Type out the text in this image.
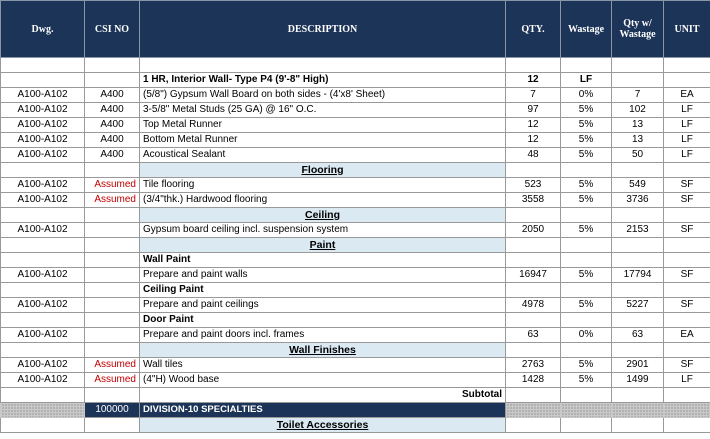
Dwg.	CSI NO	DESCRIPTION	QTY.	Wastage	Qty w/ Wastage	UNIT

		1 HR, Interior Wall- Type P4 (9'-8" High)	12	LF		
A100-A102	A400	(5/8") Gypsum Wall Board on both sides - (4'x8' Sheet)	7	0%	7	EA
A100-A102	A400	3-5/8" Metal Studs (25 GA) @ 16" O.C.	97	5%	102	LF
A100-A102	A400	Top Metal Runner	12	5%	13	LF
A100-A102	A400	Bottom Metal Runner	12	5%	13	LF
A100-A102	A400	Acoustical Sealant	48	5%	50	LF
		Flooring				
A100-A102	Assumed	Tile flooring	523	5%	549	SF
A100-A102	Assumed	(3/4"thk.) Hardwood flooring	3558	5%	3736	SF
		Ceiling				
A100-A102		Gypsum board ceiling incl. suspension system	2050	5%	2153	SF
		Paint				
		Wall Paint				
A100-A102		Prepare and paint walls	16947	5%	17794	SF
		Ceiling Paint				
A100-A102		Prepare and paint ceilings	4978	5%	5227	SF
		Door Paint				
A100-A102		Prepare and paint doors incl. frames	63	0%	63	EA
		Wall Finishes				
A100-A102	Assumed	Wall tiles	2763	5%	2901	SF
A100-A102	Assumed	(4"H) Wood base	1428	5%	1499	LF
		Subtotal				
	100000	DIVISION-10 SPECIALTIES				
		Toilet Accessories				
